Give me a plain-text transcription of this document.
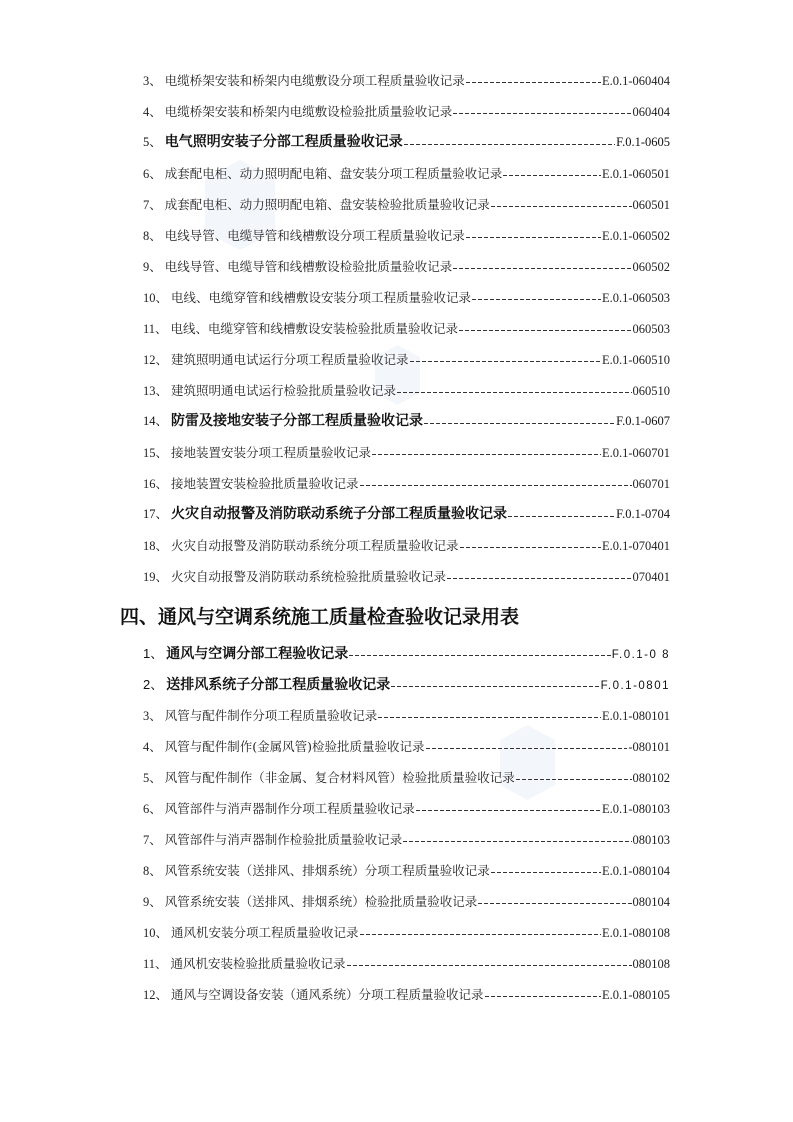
3、 电缆桥架安装和桥架内电缆敷设分项工程质量验收记录	E.0.1-060404
4、 电缆桥架安装和桥架内电缆敷设检验批质量验收记录	060404
5、 电气照明安装子分部工程质量验收记录	F.0.1-0605
6、 成套配电柜、动力照明配电箱、盘安装分项工程质量验收记录	E.0.1-060501
7、 成套配电柜、动力照明配电箱、盘安装检验批质量验收记录	060501
8、 电线导管、电缆导管和线槽敷设分项工程质量验收记录	E.0.1-060502
9、 电线导管、电缆导管和线槽敷设检验批质量验收记录	060502
10、 电线、电缆穿管和线槽敷设安装分项工程质量验收记录	E.0.1-060503
11、 电线、电缆穿管和线槽敷设安装检验批质量验收记录	060503
12、 建筑照明通电试运行分项工程质量验收记录	E.0.1-060510
13、 建筑照明通电试运行检验批质量验收记录	060510
14、 防雷及接地安装子分部工程质量验收记录	F.0.1-0607
15、 接地装置安装分项工程质量验收记录	E.0.1-060701
16、 接地装置安装检验批质量验收记录	060701
17、 火灾自动报警及消防联动系统子分部工程质量验收记录	F.0.1-0704
18、 火灾自动报警及消防联动系统分项工程质量验收记录	E.0.1-070401
19、 火灾自动报警及消防联动系统检验批质量验收记录	070401
四、通风与空调系统施工质量检查验收记录用表
1、 通风与空调分部工程验收记录	F.0.1-0 8
2、 送排风系统子分部工程质量验收记录	F.0.1-0801
3、 风管与配件制作分项工程质量验收记录	E.0.1-080101
4、 风管与配件制作(金属风管)检验批质量验收记录	-080101
5、 风管与配件制作（非金属、复合材料风管）检验批质量验收记录	080102
6、 风管部件与消声器制作分项工程质量验收记录	E.0.1-080103
7、 风管部件与消声器制作检验批质量验收记录	080103
8、 风管系统安装（送排风、排烟系统）分项工程质量验收记录	E.0.1-080104
9、 风管系统安装（送排风、排烟系统）检验批质量验收记录	080104
10、 通风机安装分项工程质量验收记录	E.0.1-080108
11、 通风机安装检验批质量验收记录	080108
12、 通风与空调设备安装（通风系统）分项工程质量验收记录	E.0.1-080105
